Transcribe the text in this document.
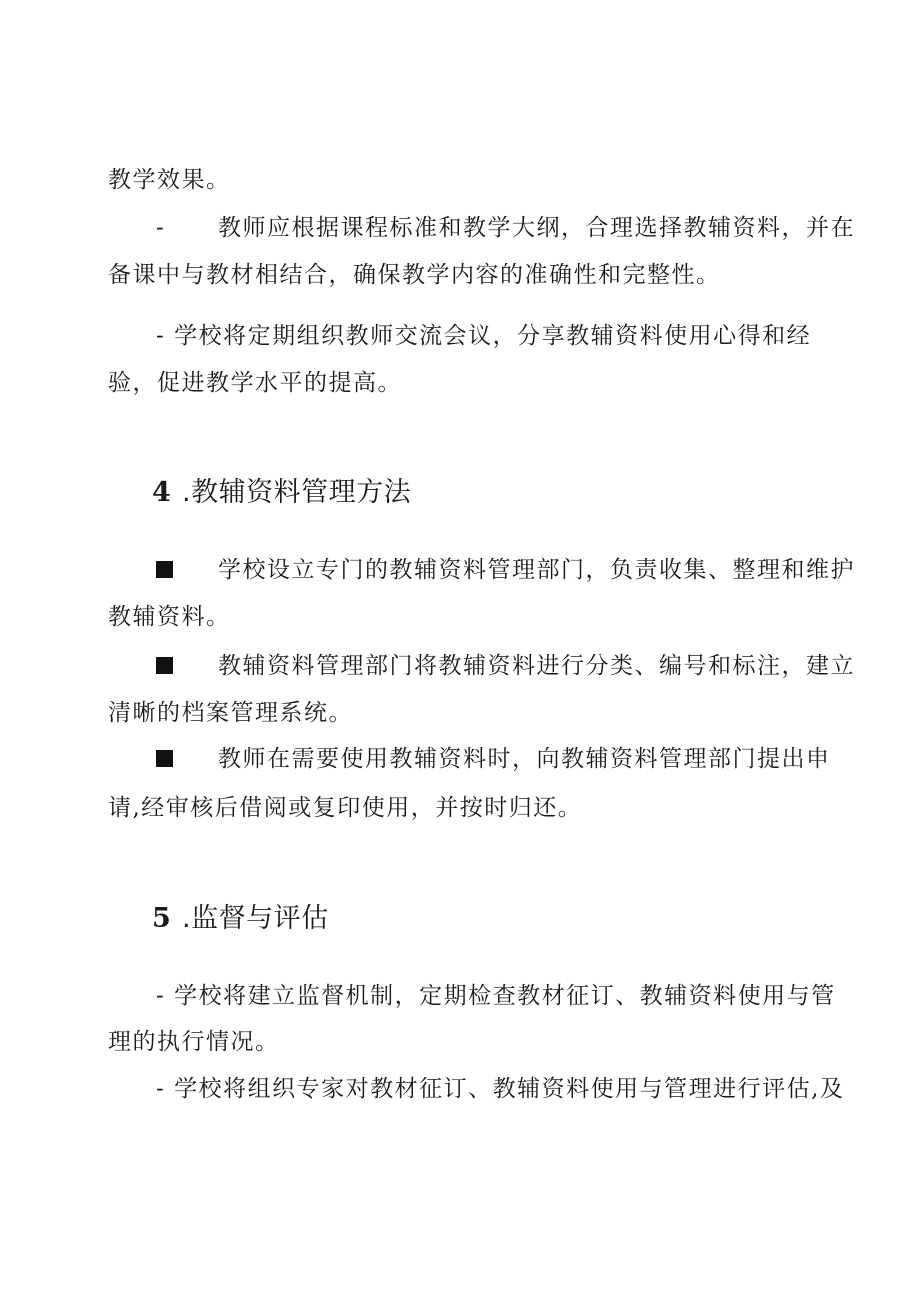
教学效果。
- 教师应根据课程标准和教学大纲，合理选择教辅资料，并在
备课中与教材相结合，确保教学内容的准确性和完整性。
- 学校将定期组织教师交流会议，分享教辅资料使用心得和经
验，促进教学水平的提高。
4 .教辅资料管理方法
学校设立专门的教辅资料管理部门，负责收集、整理和维护
教辅资料。
教辅资料管理部门将教辅资料进行分类、编号和标注，建立
清晰的档案管理系统。
教师在需要使用教辅资料时，向教辅资料管理部门提出申
请,经审核后借阅或复印使用，并按时归还。
5 .监督与评估
- 学校将建立监督机制，定期检查教材征订、教辅资料使用与管
理的执行情况。
- 学校将组织专家对教材征订、教辅资料使用与管理进行评估,及
